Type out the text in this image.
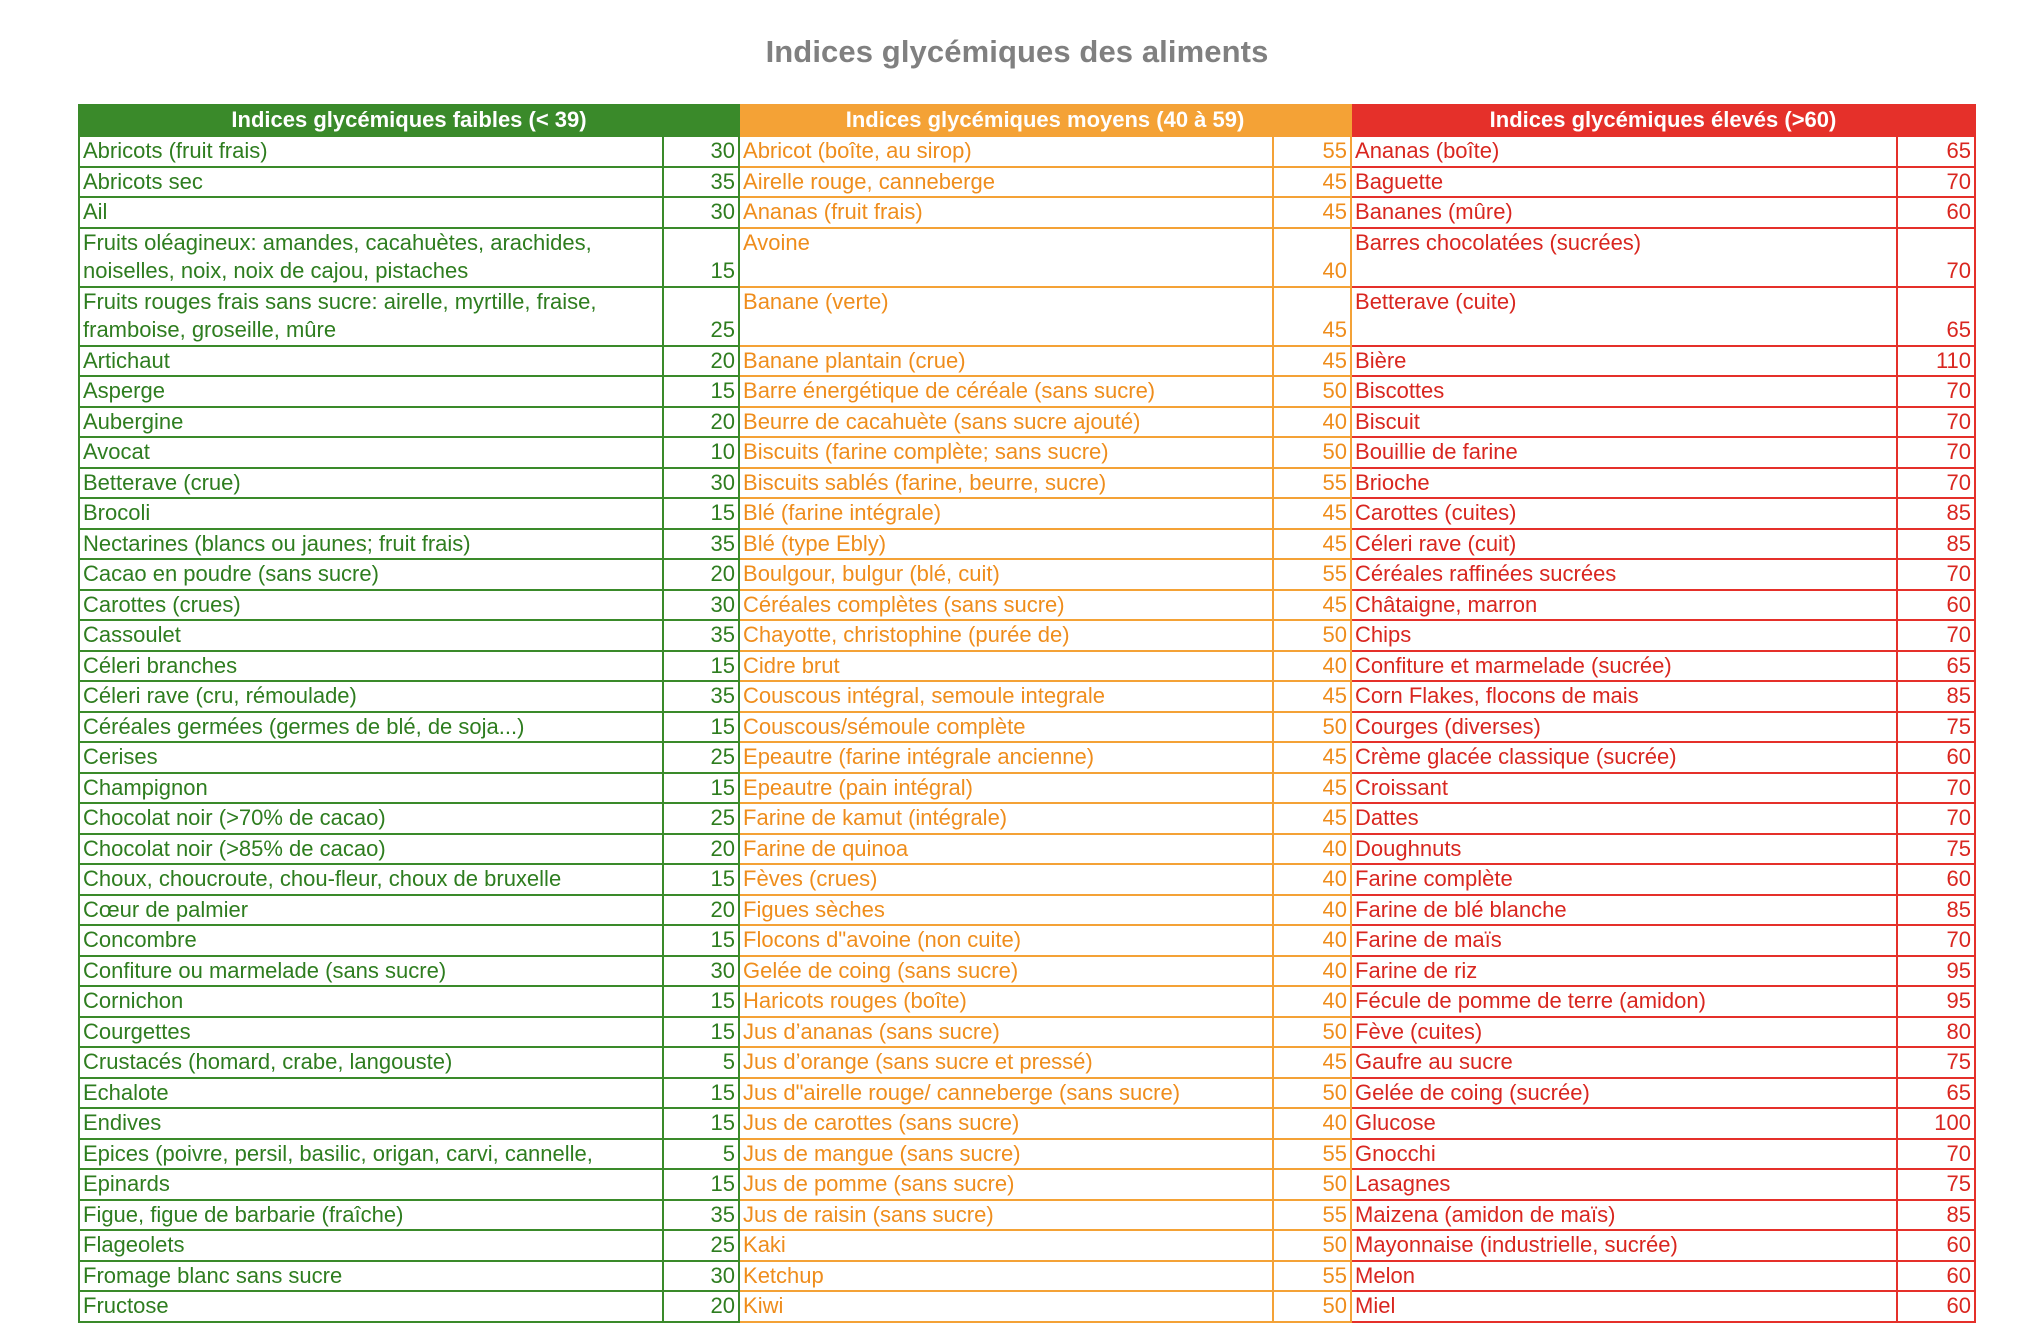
Indices glycémiques des aliments
Indices glycémiques faibles (< 39)		Indices glycémiques moyens (40 à 59)		Indices glycémiques élevés (>60)	
Abricots (fruit frais)	30	Abricot (boîte, au sirop)	55	Ananas (boîte)	65
Abricots sec	35	Airelle rouge, canneberge	45	Baguette	70
Ail	30	Ananas (fruit frais)	45	Bananes (mûre)	60
Fruits oléagineux: amandes, cacahuètes, arachides,
noiselles, noix, noix de cajou, pistaches	15	Avoine	40	Barres chocolatées (sucrées)	70
Fruits rouges frais sans sucre: airelle, myrtille, fraise,
framboise, groseille, mûre	25	Banane (verte)	45	Betterave (cuite)	65
Artichaut	20	Banane plantain (crue)	45	Bière	110
Asperge	15	Barre énergétique de céréale (sans sucre)	50	Biscottes	70
Aubergine	20	Beurre de cacahuète (sans sucre ajouté)	40	Biscuit	70
Avocat	10	Biscuits (farine complète; sans sucre)	50	Bouillie de farine	70
Betterave (crue)	30	Biscuits sablés (farine, beurre, sucre)	55	Brioche	70
Brocoli	15	Blé (farine intégrale)	45	Carottes (cuites)	85
Nectarines (blancs ou jaunes; fruit frais)	35	Blé (type Ebly)	45	Céleri rave (cuit)	85
Cacao en poudre (sans sucre)	20	Boulgour, bulgur (blé, cuit)	55	Céréales raffinées sucrées	70
Carottes (crues)	30	Céréales complètes (sans sucre)	45	Châtaigne, marron	60
Cassoulet	35	Chayotte, christophine (purée de)	50	Chips	70
Céleri branches	15	Cidre brut	40	Confiture et marmelade (sucrée)	65
Céleri rave (cru, rémoulade)	35	Couscous intégral, semoule integrale	45	Corn Flakes, flocons de mais	85
Céréales germées (germes de blé, de soja...)	15	Couscous/sémoule complète	50	Courges (diverses)	75
Cerises	25	Epeautre (farine intégrale ancienne)	45	Crème glacée classique (sucrée)	60
Champignon	15	Epeautre (pain intégral)	45	Croissant	70
Chocolat noir (>70% de cacao)	25	Farine de kamut (intégrale)	45	Dattes	70
Chocolat noir (>85% de cacao)	20	Farine de quinoa	40	Doughnuts	75
Choux, choucroute, chou-fleur, choux de bruxelle	15	Fèves (crues)	40	Farine complète	60
Cœur de palmier	20	Figues sèches	40	Farine de blé blanche	85
Concombre	15	Flocons d"avoine (non cuite)	40	Farine de maïs	70
Confiture ou marmelade (sans sucre)	30	Gelée de coing (sans sucre)	40	Farine de riz	95
Cornichon	15	Haricots rouges (boîte)	40	Fécule de pomme de terre (amidon)	95
Courgettes	15	Jus d’ananas (sans sucre)	50	Fève (cuites)	80
Crustacés (homard, crabe, langouste)	5	Jus d’orange (sans sucre et pressé)	45	Gaufre au sucre	75
Echalote	15	Jus d"airelle rouge/ canneberge (sans sucre)	50	Gelée de coing (sucrée)	65
Endives	15	Jus de carottes (sans sucre)	40	Glucose	100
Epices (poivre, persil, basilic, origan, carvi, cannelle,	5	Jus de mangue (sans sucre)	55	Gnocchi	70
Epinards	15	Jus de pomme (sans sucre)	50	Lasagnes	75
Figue, figue de barbarie (fraîche)	35	Jus de raisin (sans sucre)	55	Maizena (amidon de maïs)	85
Flageolets	25	Kaki	50	Mayonnaise (industrielle, sucrée)	60
Fromage blanc sans sucre	30	Ketchup	55	Melon	60
Fructose	20	Kiwi	50	Miel	60
